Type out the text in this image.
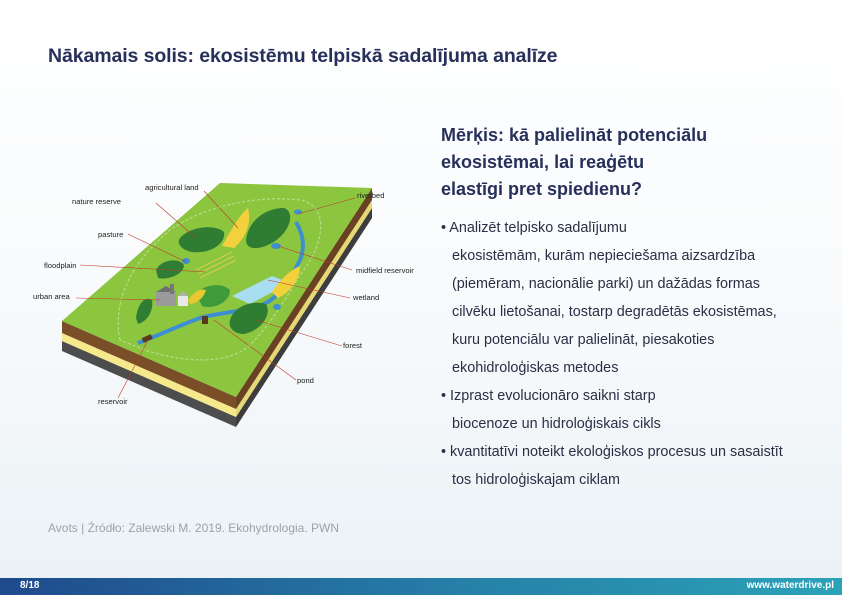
Nākamais solis: ekosistēmu telpiskā sadalījuma analīze
Mērķis: kā palielināt potenciālu
ekosistēmai, lai reaģētu
elastīgi pret spiedienu?
• Analizēt telpisko sadalījumu
ekosistēmām, kurām nepieciešama aizsardzība
(piemēram, nacionālie parki) un dažādas formas
cilvēku lietošanai, tostarp degradētās ekosistēmas,
kuru potenciālu var palielināt, piesakoties
ekohidroloģiskas metodes
• Izprast evolucionāro saikni starp
biocenoze un hidroloģiskais cikls
• kvantitatīvi noteikt ekoloģiskos procesus un sasaistīt
tos hidroloģiskajam ciklam
agricultural land
nature reserve
pasture
floodplain
urban area
riverbed
midfield reservoir
wetland
forest
pond
reservoir
Avots | Źródło: Zalewski M. 2019. Ekohydrologia. PWN
8/18	www.waterdrive.pl
